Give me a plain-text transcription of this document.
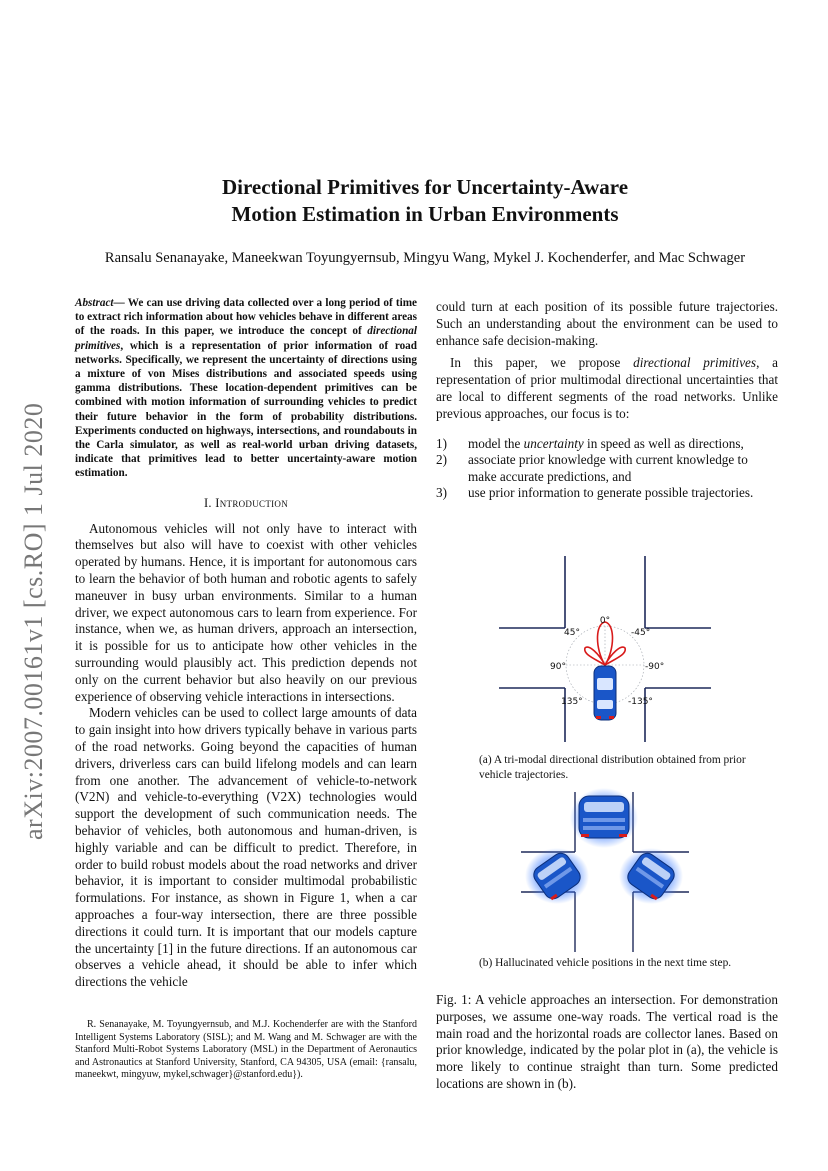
arXiv:2007.00161v1 [cs.RO] 1 Jul 2020
Directional Primitives for Uncertainty-Aware
Motion Estimation in Urban Environments
Ransalu Senanayake, Maneekwan Toyungyernsub, Mingyu Wang, Mykel J. Kochenderfer, and Mac Schwager

Abstract— We can use driving data collected over a long period of time to extract rich information about how vehicles behave in different areas of the roads. In this paper, we introduce the concept of directional primitives, which is a representation of prior information of road networks. Specifically, we represent the uncertainty of directions using a mixture of von Mises distributions and associated speeds using gamma distributions. These location-dependent primitives can be combined with motion information of surrounding vehicles to predict their future behavior in the form of probability distributions. Experiments conducted on highways, intersections, and roundabouts in the Carla simulator, as well as real-world urban driving datasets, indicate that primitives lead to better uncertainty-aware motion estimation.

I. Introduction

Autonomous vehicles will not only have to interact with themselves but also will have to coexist with other vehicles operated by humans. Hence, it is important for autonomous cars to learn the behavior of both human and robotic agents to safely maneuver in busy urban environments. Similar to a human driver, we expect autonomous cars to learn from experience. For instance, when we, as human drivers, approach an intersection, it is possible for us to anticipate how other vehicles in the surrounding would plausibly act. This prediction depends not only on the current behavior but also heavily on our previous experience of observing vehicle interactions in intersections.

Modern vehicles can be used to collect large amounts of data to gain insight into how drivers typically behave in various parts of the road networks. Going beyond the capacities of human drivers, driverless cars can build lifelong models and can learn from one another. The advancement of vehicle-to-network (V2N) and vehicle-to-everything (V2X) technologies would support the development of such communication needs. The behavior of vehicles, both autonomous and human-driven, is highly variable and can be difficult to predict. Therefore, in order to build robust models about the road networks and driver behavior, it is important to consider multimodal probabilistic formulations. For instance, as shown in Figure 1, when a car approaches a four-way intersection, there are three possible directions it could turn. It is important that our models capture the uncertainty [1] in the future directions. If an autonomous car observes a vehicle ahead, it should be able to infer which directions the vehicle

R. Senanayake, M. Toyungyernsub, and M.J. Kochenderfer are with the Stanford Intelligent Systems Laboratory (SISL); and M. Wang and M. Schwager are with the Stanford Multi-Robot Systems Laboratory (MSL) in the Department of Aeronautics and Astronautics at Stanford University, Stanford, CA 94305, USA (email: {ransalu, maneekwt, mingyuw, mykel,schwager}@stanford.edu}).

could turn at each position of its possible future trajectories. Such an understanding about the environment can be used to enhance safe decision-making.

In this paper, we propose directional primitives, a representation of prior multimodal directional uncertainties that are local to different segments of the road networks. Unlike previous approaches, our focus is to:

1)	model the uncertainty in speed as well as directions,
2)	associate prior knowledge with current knowledge to make accurate predictions, and
3)	use prior information to generate possible trajectories.
0°
45°	-45°
90°	-90°
135°	-135°

(a) A tri-modal directional distribution obtained from prior vehicle trajectories.

(b) Hallucinated vehicle positions in the next time step.

Fig. 1: A vehicle approaches an intersection. For demonstration purposes, we assume one-way roads. The vertical road is the main road and the horizontal roads are collector lanes. Based on prior knowledge, indicated by the polar plot in (a), the vehicle is more likely to continue straight than turn. Some predicted locations are shown in (b).
